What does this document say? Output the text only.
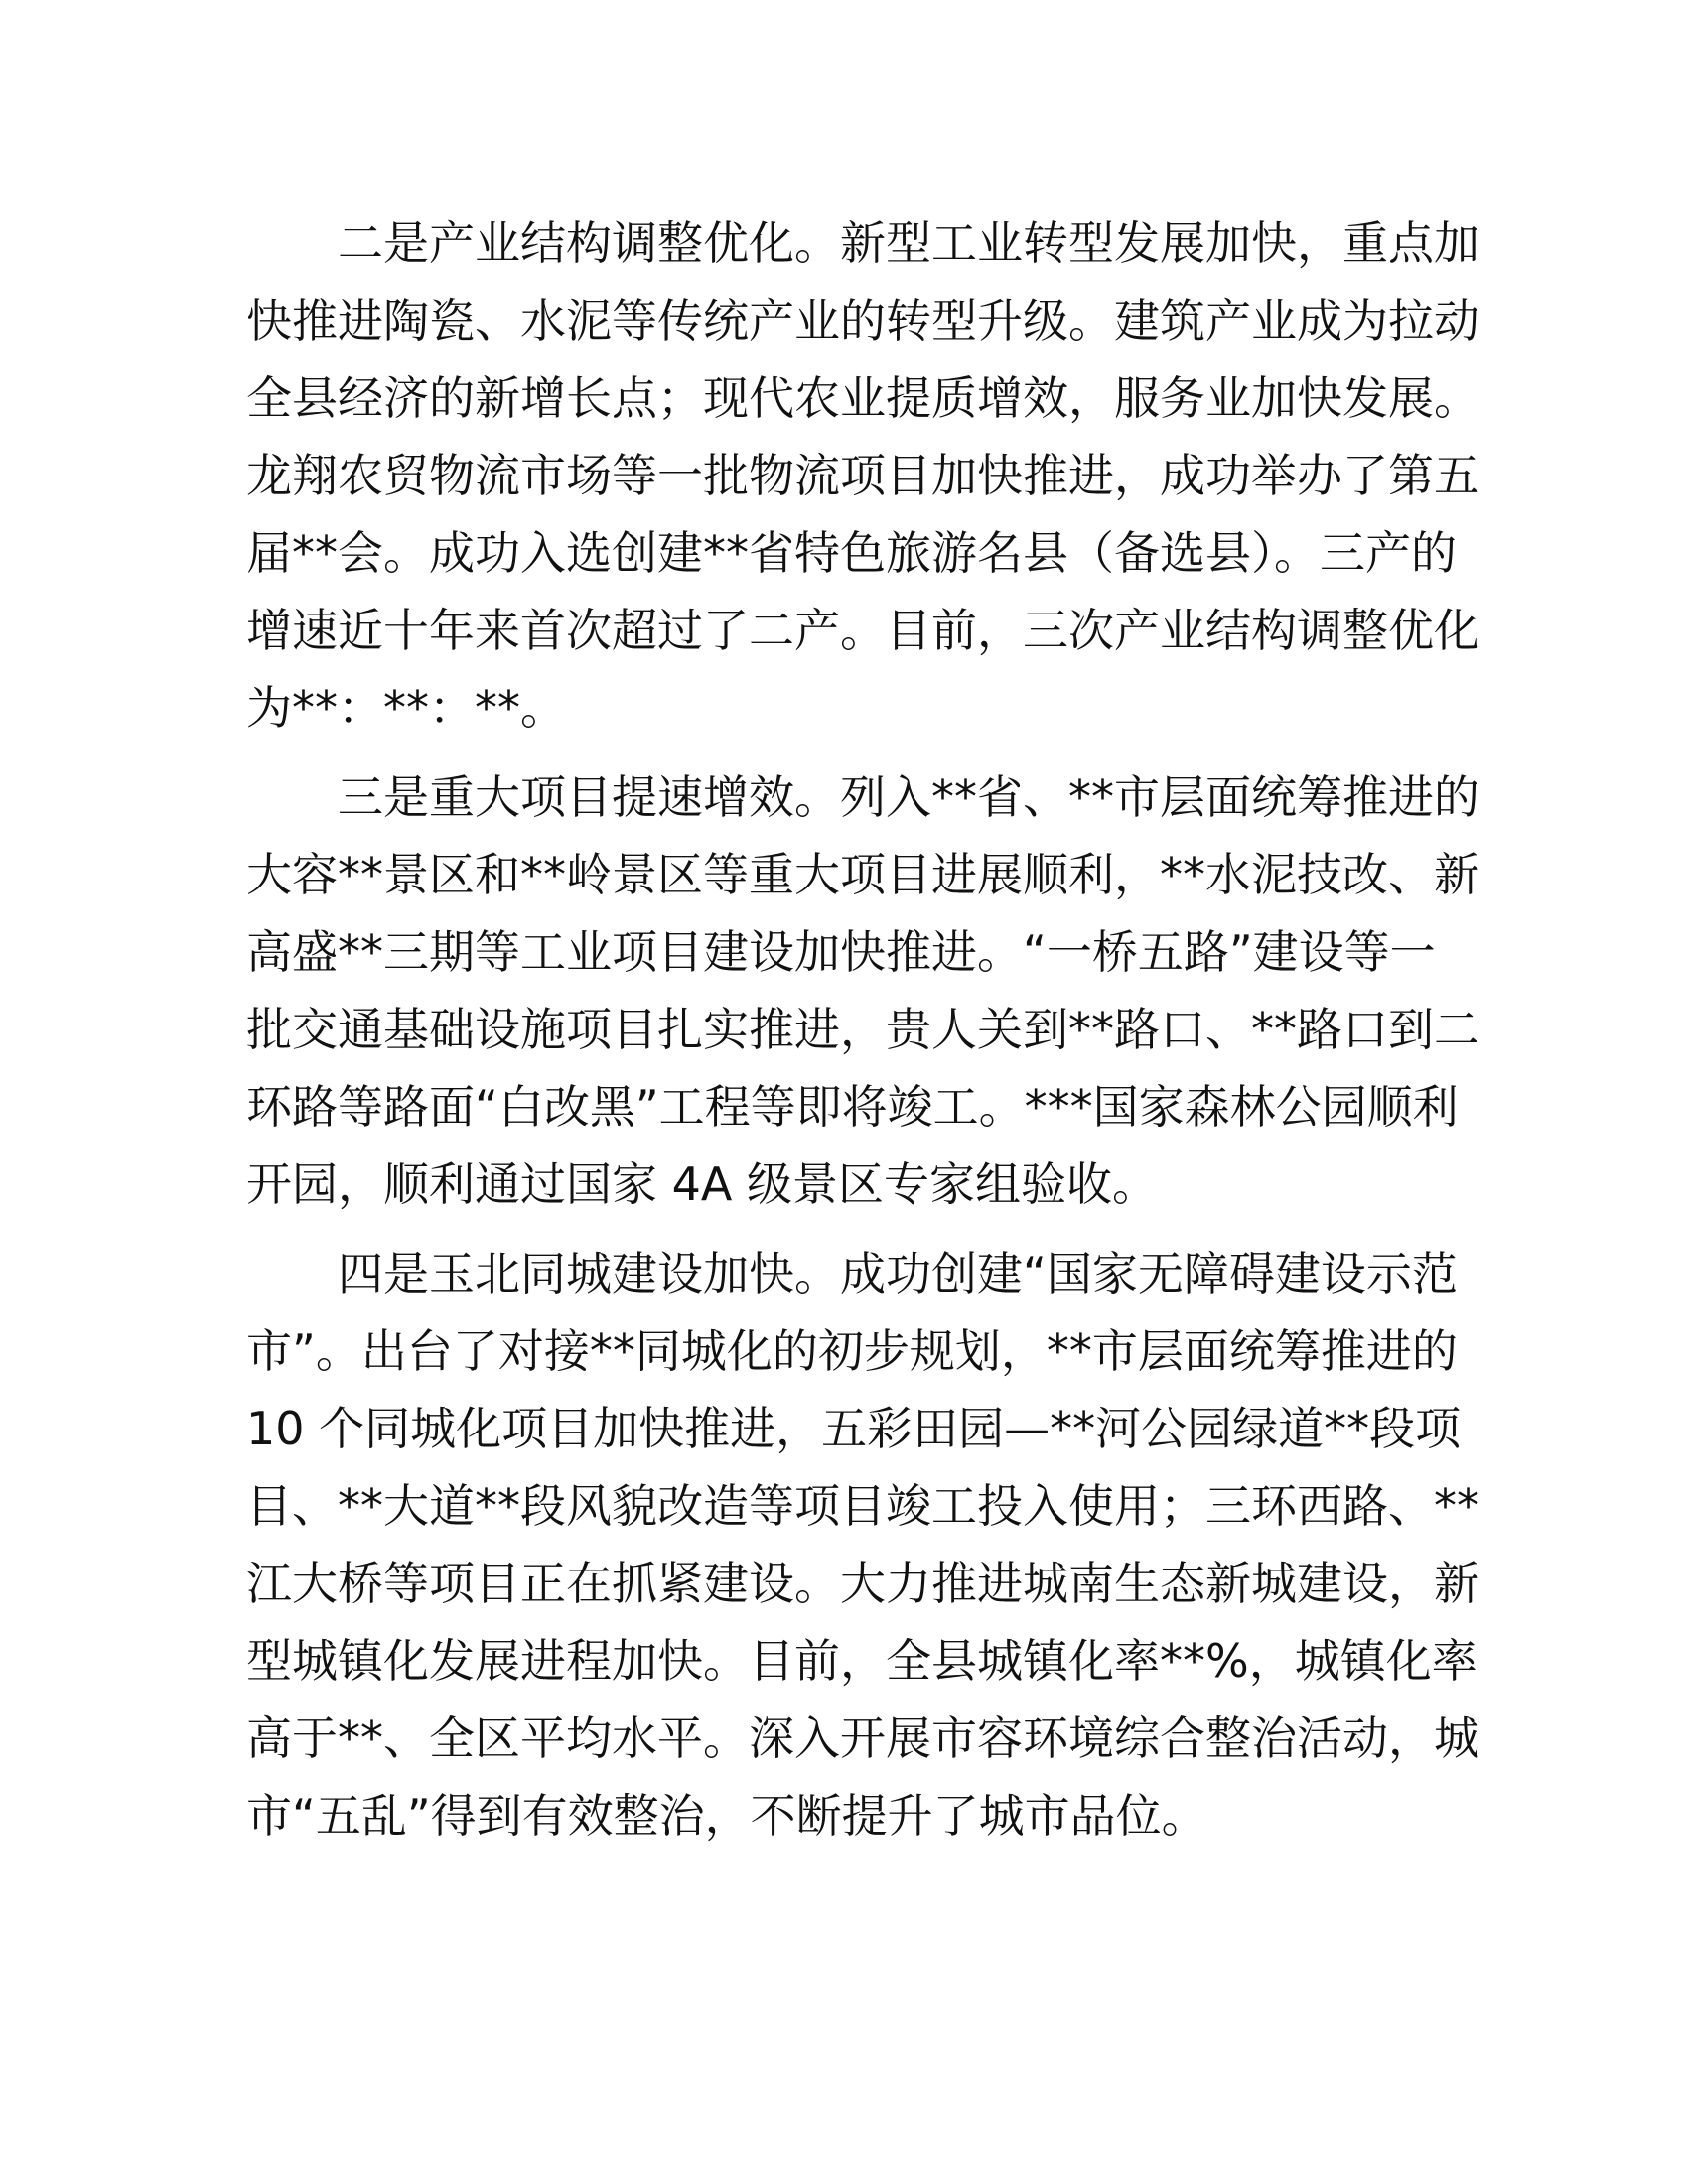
二是产业结构调整优化。新型工业转型发展加快，重点加
快推进陶瓷、水泥等传统产业的转型升级。建筑产业成为拉动
全县经济的新增长点；现代农业提质增效，服务业加快发展。
龙翔农贸物流市场等一批物流项目加快推进，成功举办了第五
届**会。成功入选创建**省特色旅游名县（备选县）。三产的
增速近十年来首次超过了二产。目前，三次产业结构调整优化
为**：**：**。

三是重大项目提速增效。列入**省、**市层面统筹推进的
大容**景区和**岭景区等重大项目进展顺利，**水泥技改、新
高盛**三期等工业项目建设加快推进。“一桥五路”建设等一
批交通基础设施项目扎实推进，贵人关到**路口、**路口到二
环路等路面“白改黑”工程等即将竣工。***国家森林公园顺利
开园，顺利通过国家 4A 级景区专家组验收。

四是玉北同城建设加快。成功创建“国家无障碍建设示范
市”。出台了对接**同城化的初步规划，**市层面统筹推进的
10 个同城化项目加快推进，五彩田园—**河公园绿道**段项
目、**大道**段风貌改造等项目竣工投入使用；三环西路、**
江大桥等项目正在抓紧建设。大力推进城南生态新城建设，新
型城镇化发展进程加快。目前，全县城镇化率**%，城镇化率
高于**、全区平均水平。深入开展市容环境综合整治活动，城
市“五乱”得到有效整治，不断提升了城市品位。
